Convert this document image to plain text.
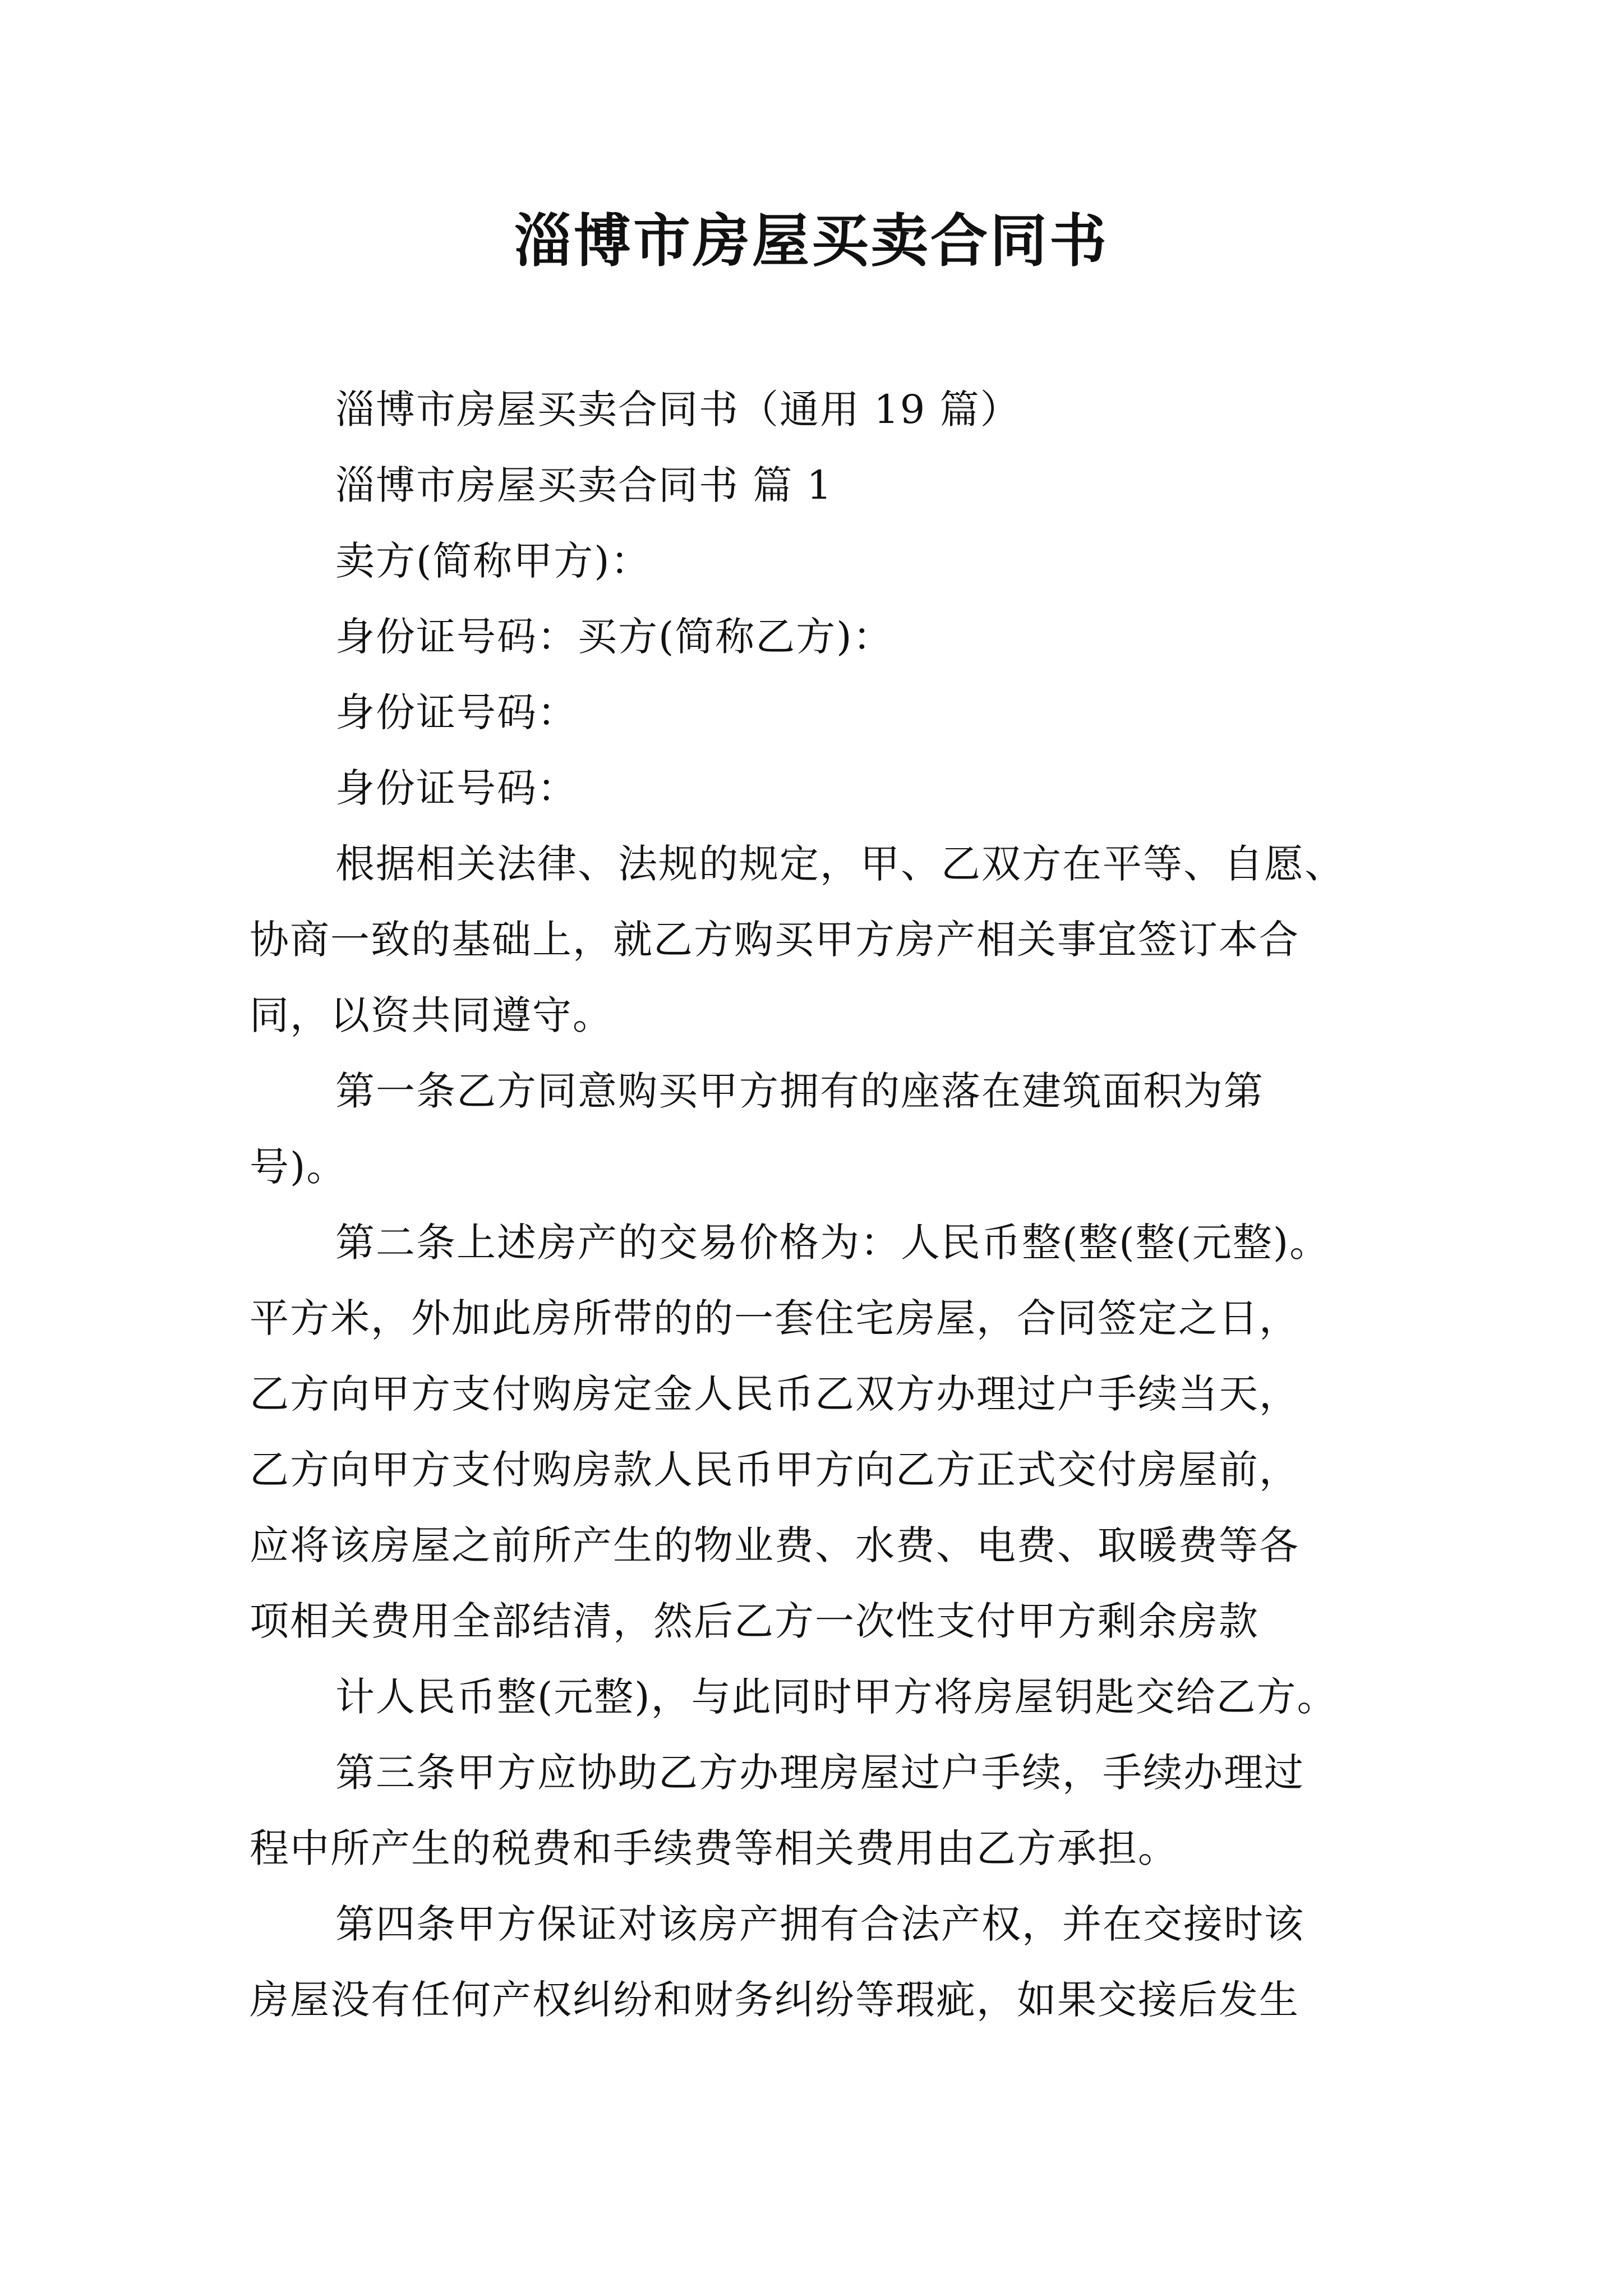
淄博市房屋买卖合同书
淄博市房屋买卖合同书（通用 19 篇）
淄博市房屋买卖合同书 篇 1
卖方(简称甲方)：
身份证号码：买方(简称乙方)：
身份证号码：
身份证号码：
根据相关法律、法规的规定，甲、乙双方在平等、自愿、
协商一致的基础上，就乙方购买甲方房产相关事宜签订本合
同，以资共同遵守。
第一条乙方同意购买甲方拥有的座落在建筑面积为第
号)。
第二条上述房产的交易价格为：人民币整(整(整(元整)。
平方米，外加此房所带的的一套住宅房屋，合同签定之日，
乙方向甲方支付购房定金人民币乙双方办理过户手续当天，
乙方向甲方支付购房款人民币甲方向乙方正式交付房屋前，
应将该房屋之前所产生的物业费、水费、电费、取暖费等各
项相关费用全部结清，然后乙方一次性支付甲方剩余房款
计人民币整(元整)，与此同时甲方将房屋钥匙交给乙方。
第三条甲方应协助乙方办理房屋过户手续，手续办理过
程中所产生的税费和手续费等相关费用由乙方承担。
第四条甲方保证对该房产拥有合法产权，并在交接时该
房屋没有任何产权纠纷和财务纠纷等瑕疵，如果交接后发生
